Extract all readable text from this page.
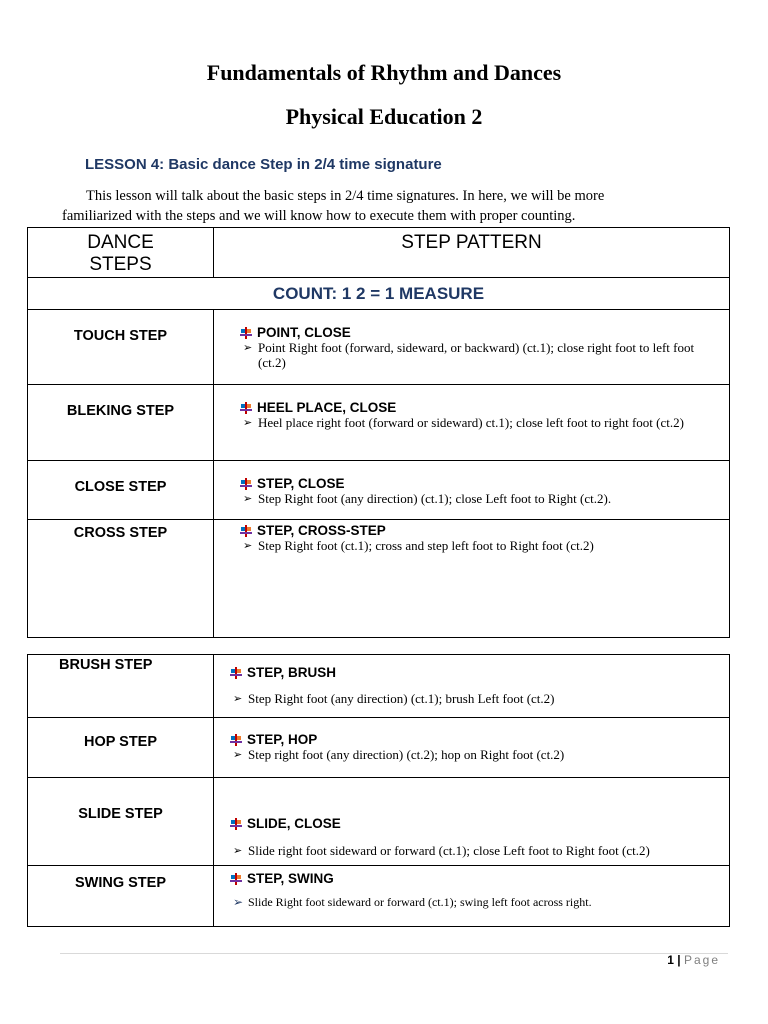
Fundamentals of Rhythm and Dances
Physical Education 2
LESSON 4: Basic dance Step in 2/4 time signature
This lesson will talk about the basic steps in 2/4 time signatures. In here, we will be more
familiarized with the steps and we will know how to execute them with proper counting.
DANCE STEPS	STEP PATTERN
COUNT: 1 2 = 1 MEASURE	
TOUCH STEP	POINT, CLOSE
➢ Point Right foot (forward, sideward, or backward) (ct.1); close right foot to left foot (ct.2)

BLEKING STEP	HEEL PLACE, CLOSE
➢ Heel place right foot (forward or sideward) ct.1); close left foot to right foot (ct.2)

CLOSE STEP	STEP, CLOSE
➢ Step Right foot (any direction) (ct.1); close Left foot to Right (ct.2).

CROSS STEP	STEP, CROSS-STEP
➢ Step Right foot (ct.1); cross and step left foot to Right foot (ct.2)
BRUSH STEP	STEP, BRUSH
➢ Step Right foot (any direction) (ct.1); brush Left foot (ct.2)

HOP STEP	STEP, HOP
➢ Step right foot (any direction) (ct.2); hop on Right foot (ct.2)

SLIDE STEP	SLIDE, CLOSE
➢ Slide right foot sideward or forward (ct.1); close Left foot to Right foot (ct.2)

SWING STEP	STEP, SWING
➢ Slide Right foot sideward or forward (ct.1); swing left foot across right.
1 | Page
